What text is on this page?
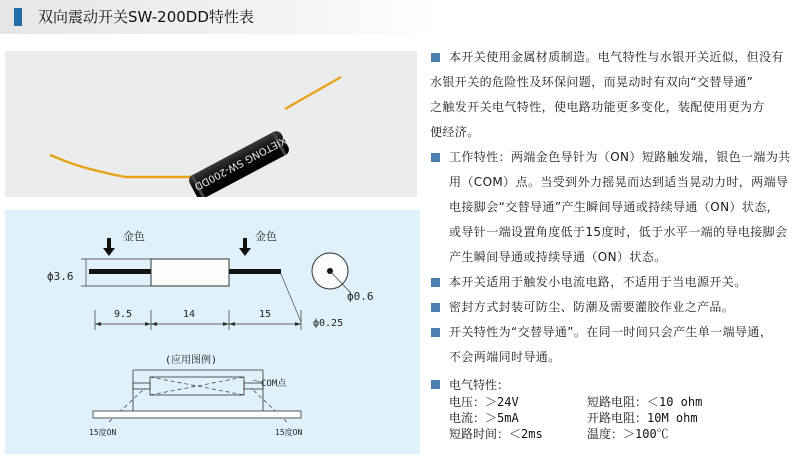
双向震动开关SW-200DD特性表
XIETONG SW-200DD
金色	金色
ф3.6
ф0.6
9.5	14	15
ф0.25
(应用图例)
COM点
15度ON	15度ON

本开关使用金属材质制造。电气特性与水银开关近似，但没有

水银开关的危险性及环保问题，而晃动时有双向“交替导通”

之触发开关电气特性，使电路功能更多变化，装配使用更为方

便经济。

工作特性：两端金色导针为（ON）短路触发端，银色一端为共

用（COM）点。当受到外力摇晃而达到适当晃动力时，两端导

电接脚会“交替导通”产生瞬间导通或持续导通（ON）状态，

或导针一端设置角度低于15度时，低于水平一端的导电接脚会

产生瞬间导通或持续导通（ON）状态。

本开关适用于触发小电流电路，不适用于当电源开关。

密封方式封装可防尘、防潮及需要灌胶作业之产品。

开关特性为“交替导通”。在同一时间只会产生单一端导通，

不会两端同时导通。

电气特性：
电压：＞24V	短路电阻：＜10 ohm
电流：＞5mA	开路电阻：10M ohm
短路时间：＜2ms	温度：＞100℃
